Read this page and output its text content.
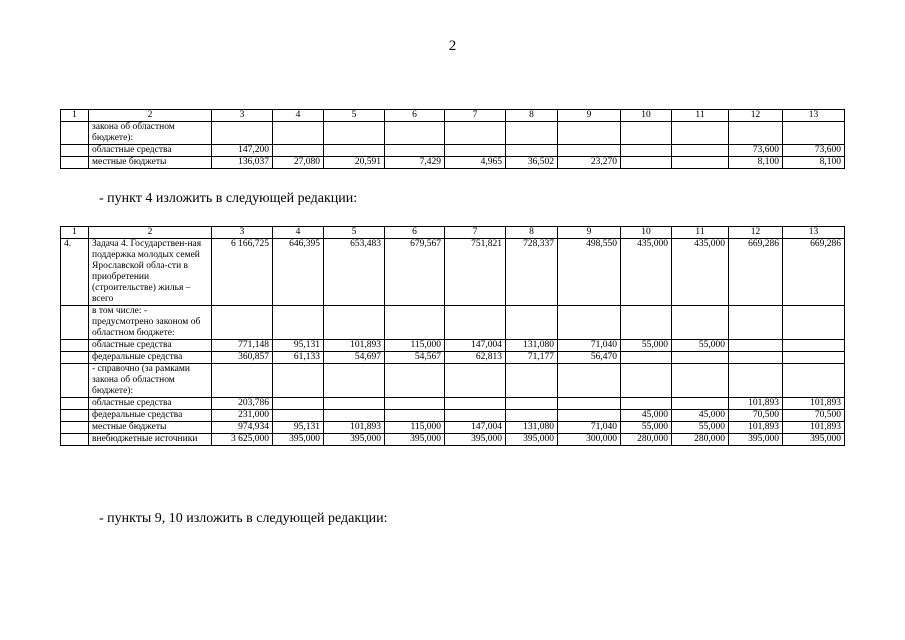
2
1	2	3	4	5	6	7	8	9	10	11	12	13
	закона об областном бюджете):											
	областные средства	147,200									73,600	73,600
	местные бюджеты	136,037	27,080	20,591	7,429	4,965	36,502	23,270			8,100	8,100
- пункт 4 изложить в следующей редакции:
1	2	3	4	5	6	7	8	9	10	11	12	13
4.	Задача 4. Государствен-ная поддержка молодых семей Ярославской обла-сти в приобретении (строительстве) жилья – всего	6 166,725	646,395	653,483	679,567	751,821	728,337	498,550	435,000	435,000	669,286	669,286
	в том числе: - предусмотрено законом об областном бюджете:											
	областные средства	771,148	95,131	101,893	115,000	147,004	131,080	71,040	55,000	55,000		
	федеральные средства	360,857	61,133	54,697	54,567	62,813	71,177	56,470				
	- справочно (за рамками закона об областном бюджете):											
	областные средства	203,786									101,893	101,893
	федеральные средства	231,000							45,000	45,000	70,500	70,500
	местные бюджеты	974,934	95,131	101,893	115,000	147,004	131,080	71,040	55,000	55,000	101,893	101,893
	внебюджетные источники	3 625,000	395,000	395,000	395,000	395,000	395,000	300,000	280,000	280,000	395,000	395,000
- пункты 9, 10 изложить в следующей редакции:
